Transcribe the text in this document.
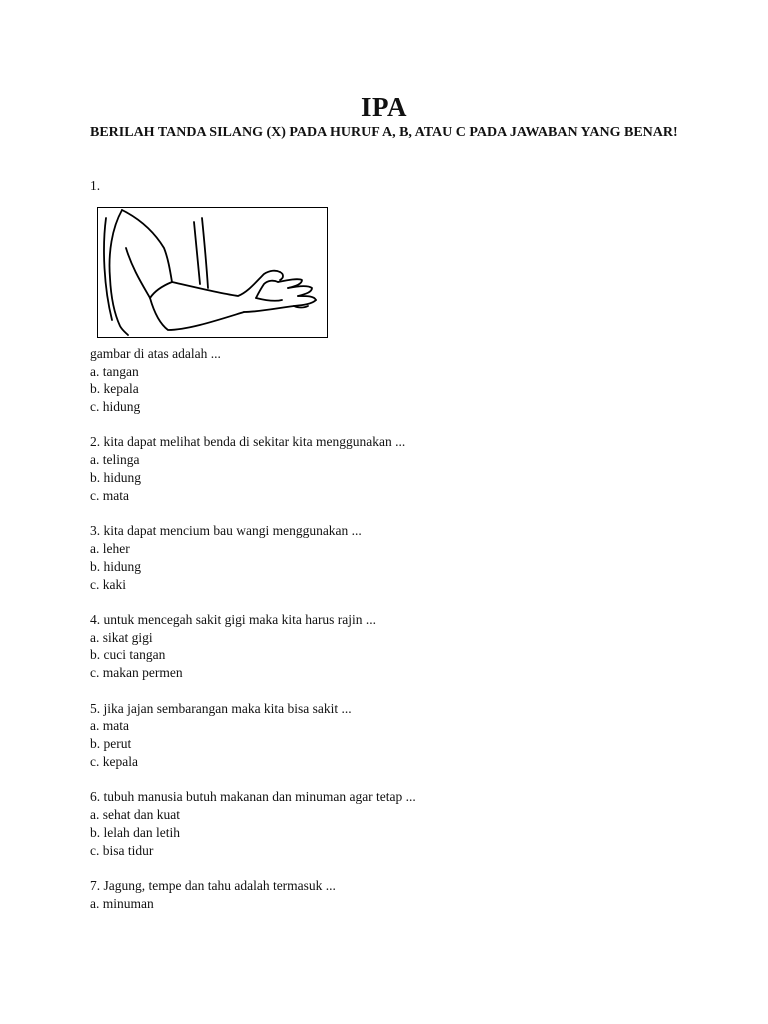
IPA
BERILAH TANDA SILANG (X) PADA HURUF A, B, ATAU C PADA JAWABAN YANG BENAR!
1.
gambar di atas adalah ...
a. tangan
b. kepala
c. hidung
2. kita dapat melihat benda di sekitar kita menggunakan ...
a. telinga
b. hidung
c. mata
3. kita dapat mencium bau wangi menggunakan ...
a. leher
b. hidung
c. kaki
4. untuk mencegah sakit gigi maka kita harus rajin ...
a. sikat gigi
b. cuci tangan
c. makan permen
5. jika jajan sembarangan maka kita bisa sakit ...
a. mata
b. perut
c. kepala
6. tubuh manusia butuh makanan dan minuman agar tetap ...
a. sehat dan kuat
b. lelah dan letih
c. bisa tidur
7. Jagung, tempe dan tahu adalah termasuk ...
a. minuman
